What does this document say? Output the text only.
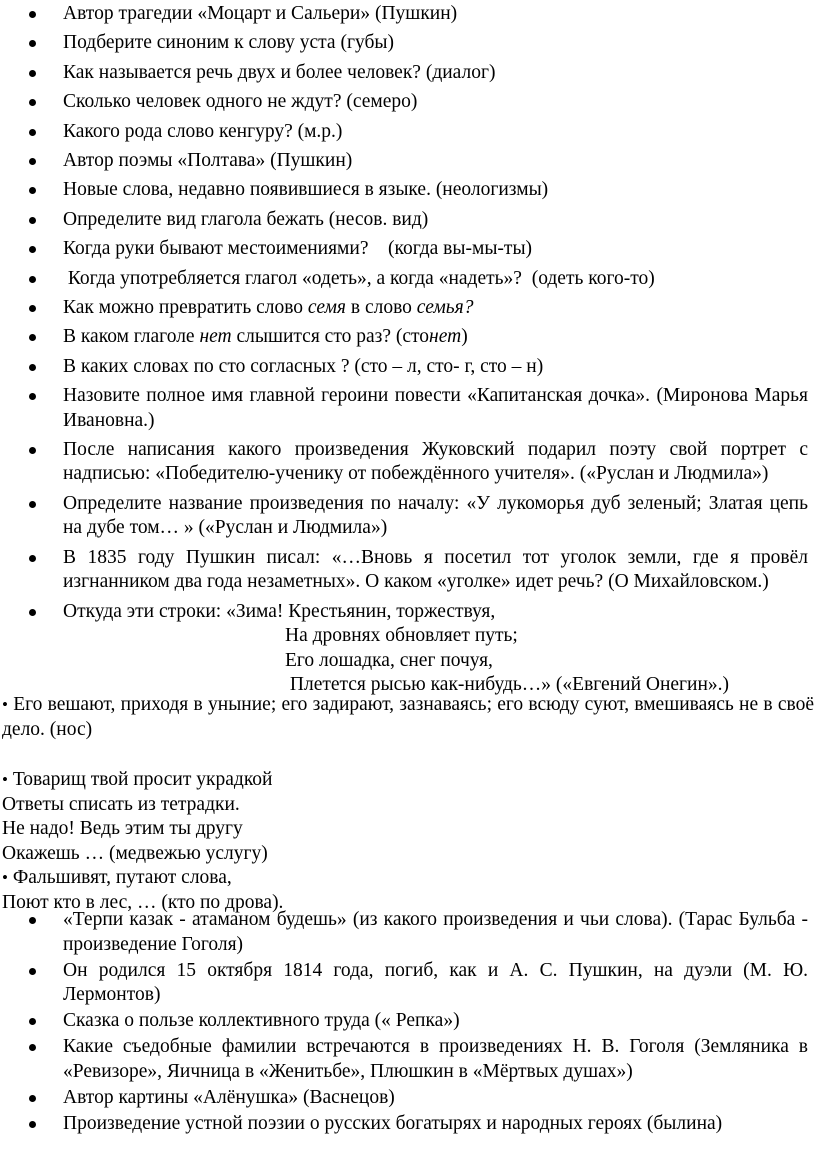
Автор трагедии «Моцарт и Сальери» (Пушкин)
Подберите синоним к слову уста (губы)
Как называется речь двух и более человек? (диалог)
Сколько человек одного не ждут? (семеро)
Какого рода слово кенгуру? (м.р.)
Автор поэмы «Полтава» (Пушкин)
Новые слова, недавно появившиеся в языке. (неологизмы)
Определите вид глагола бежать (несов. вид)
Когда руки бывают местоимениями?    (когда вы-мы-ты)
Когда употребляется глагол «одеть», а когда «надеть»?  (одеть кого-то)
Как можно превратить слово семя в слово семья?
В каком глаголе нет слышится сто раз? (стонет)
В каких словах по сто согласных ? (сто – л, сто- г, сто – н)
Назовите полное имя главной героини повести «Капитанская дочка». (Миронова Марья Ивановна.)
После написания какого произведения Жуковский подарил поэту свой портрет с надписью: «Победителю-ученику от побеждённого учителя». («Руслан и Людмила»)
Определите название произведения по началу: «У лукоморья дуб зеленый; Златая цепь на дубе том… » («Руслан и Людмила»)
В 1835 году Пушкин писал: «…Вновь я посетил тот уголок земли, где я провёл изгнанником два года незаметных». О каком «уголке» идет речь? (О Михайловском.)
Откуда эти строки: «Зима! Крестьянин, торжествуя,
На дровнях обновляет путь;
Его лошадка, снег почуя,
Плетется рысью как-нибудь…» («Евгений Онегин».)
• Его вешают, приходя в уныние; его задирают, зазнаваясь; его всюду суют, вмешиваясь не в своё дело. (нос)
• Товарищ твой просит украдкой
Ответы списать из тетрадки.
Не надо! Ведь этим ты другу
Окажешь … (медвежью услугу)
• Фальшивят, путают слова,
Поют кто в лес, … (кто по дрова).
«Терпи казак - атаманом будешь» (из какого произведения и чьи слова). (Тарас Бульба - произведение Гоголя)
Он родился 15 октября 1814 года, погиб, как и А. С. Пушкин, на дуэли (М. Ю. Лермонтов)
Сказка о пользе коллективного труда (« Репка»)
Какие съедобные фамилии встречаются в произведениях Н. В. Гоголя (Земляника в «Ревизоре», Яичница в «Женитьбе», Плюшкин в «Мёртвых душах»)
Автор картины «Алёнушка» (Васнецов)
Произведение устной поэзии о русских богатырях и народных героях (былина)
